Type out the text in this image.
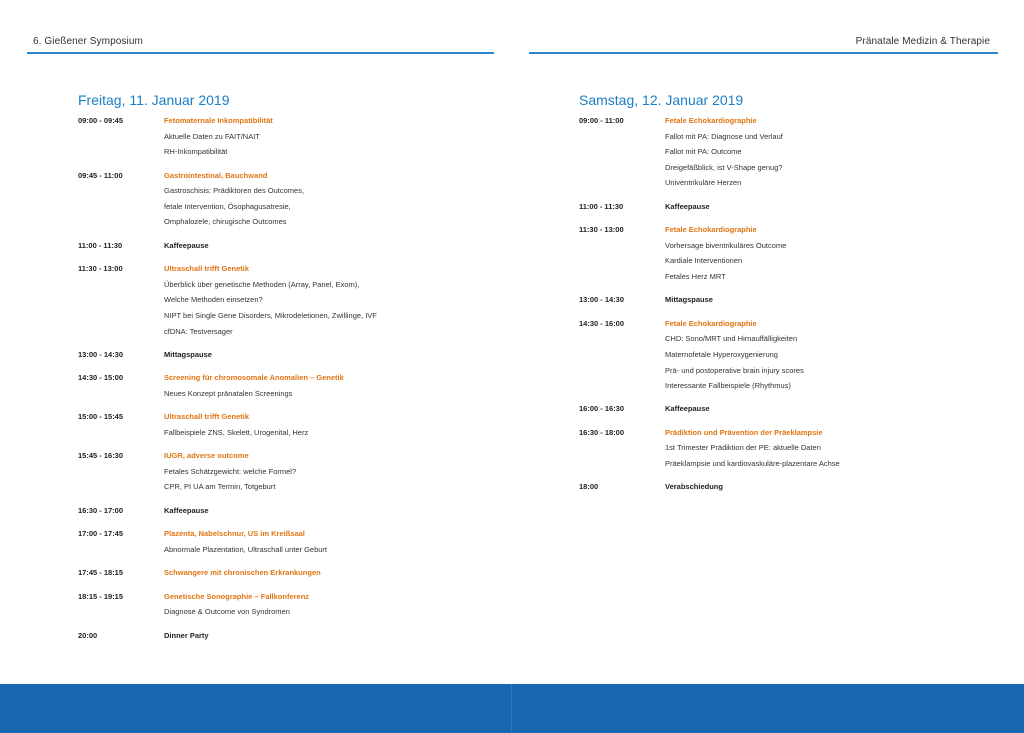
6. Gießener Symposium
Freitag, 11. Januar 2019
09:00 - 09:45	Fetomaternale Inkompatibilität
Aktuelle Daten zu FAIT/NAIT
RH-Inkompatibilität
09:45 - 11:00	Gastrointestinal, Bauchwand
Gastroschisis: Prädiktoren des Outcomes,
fetale Intervention, Ösophagusatresie,
Omphalozele, chirugische Outcomes
11:00 - 11:30	Kaffeepause
11:30 - 13:00	Ultraschall trifft Genetik
Überblick über genetische Methoden (Array, Panel, Exom),
Welche Methoden einsetzen?
NIPT bei Single Gene Disorders, Mikrodeletionen, Zwillinge, IVF
cfDNA: Testversager
13:00 - 14:30	Mittagspause
14:30 - 15:00	Screening für chromosomale Anomalien – Genetik
Neues Konzept pränatalen Screenings
15:00 - 15:45	Ultraschall trifft Genetik
Fallbeispiele ZNS, Skelett, Urogenital, Herz
15:45 - 16:30	IUGR, adverse outcome
Fetales Schätzgewicht: welche Formel?
CPR, PI UA am Termin, Totgeburt
16:30 - 17:00	Kaffeepause
17:00 - 17:45	Plazenta, Nabelschnur, US im Kreißsaal
Abnormale Plazentation, Ultraschall unter Geburt
17:45 - 18:15	Schwangere mit chronischen Erkrankungen
18:15 - 19:15	Genetische Sonographie – Fallkonferenz
Diagnose & Outcome von Syndromen
20:00	Dinner Party
Pränatale Medizin & Therapie
Samstag, 12. Januar 2019
09:00 - 11:00	Fetale Echokardiographie
Fallot mit PA: Diagnose und Verlauf
Fallot mit PA: Outcome
Dreigefäßblick, ist V-Shape genug?
Univentrikuläre Herzen
11:00 - 11:30	Kaffeepause
11:30 - 13:00	Fetale Echokardiographie
Vorhersage biventrikuläres Outcome
Kardiale Interventionen
Fetales Herz MRT
13:00 - 14:30	Mittagspause
14:30 - 16:00	Fetale Echokardiographie
CHD: Sono/MRT und Hirnauffälligkeiten
Maternofetale Hyperoxygenierung
Prä- und postoperative brain injury scores
Interessante Fallbeispiele (Rhythmus)
16:00 - 16:30	Kaffeepause
16:30 - 18:00	Prädiktion und Prävention der Präeklampsie
1st Trimester Prädiktion der PE: aktuelle Daten
Präeklampsie und kardiovaskuläre-plazentare Achse
18:00	Verabschiedung
